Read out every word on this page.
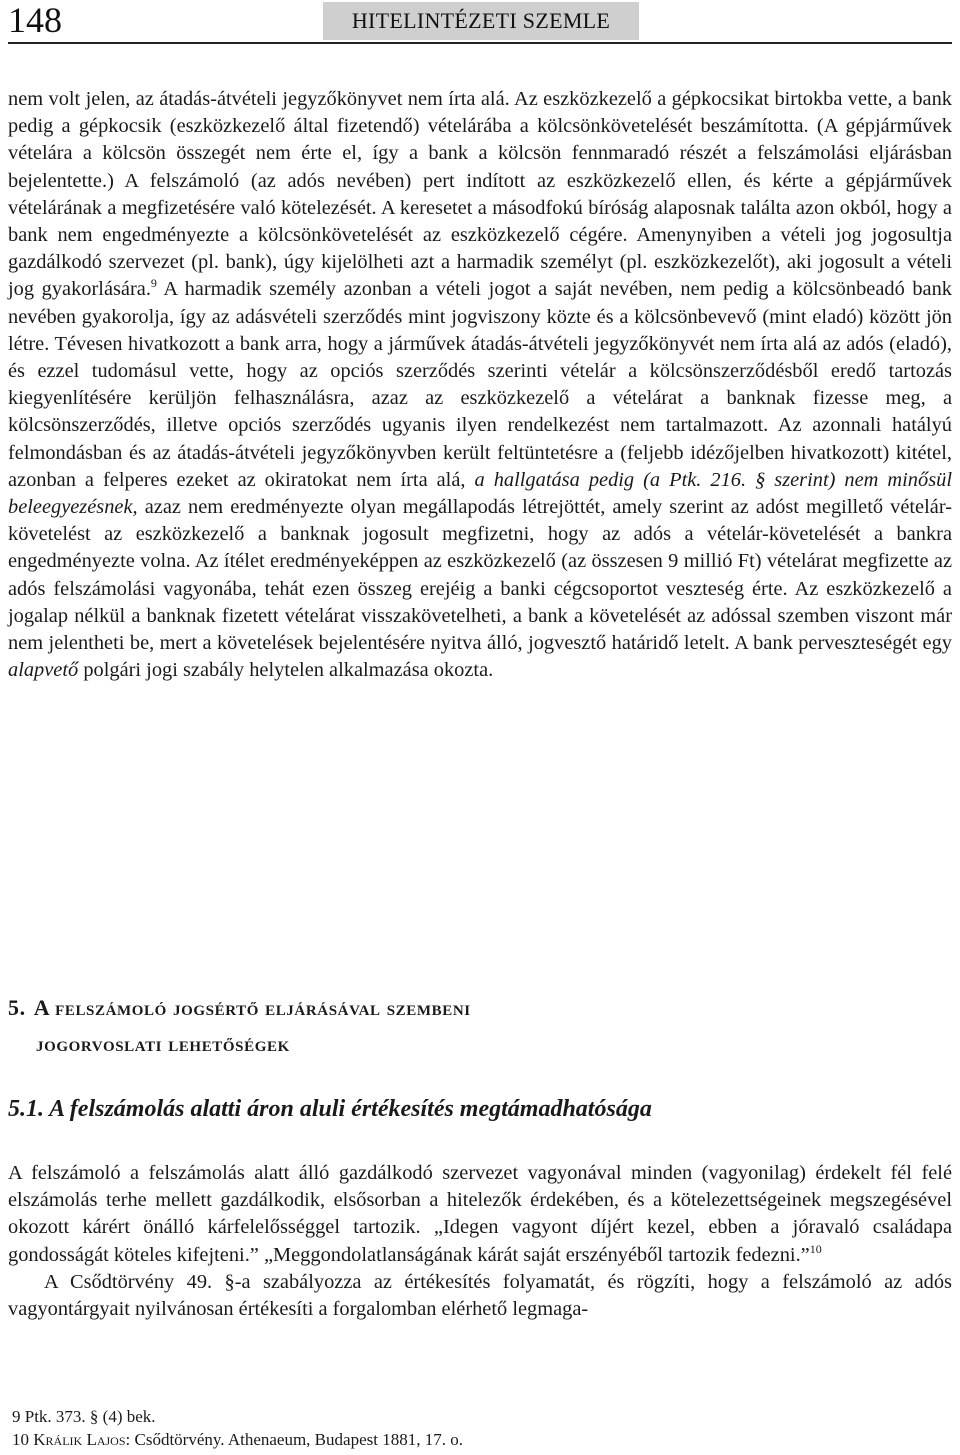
148	HITELINTÉZETI SZEMLE

nem volt jelen, az átadás-átvételi jegyzőkönyvet nem írta alá. Az eszközkezelő a gépkocsikat birtokba vette, a bank pedig a gépkocsik (eszközkezelő által fizetendő) vételárába a kölcsönkövetelését beszámította. (A gépjárművek vételára a kölcsön összegét nem érte el, így a bank a kölcsön fennmaradó részét a felszámolási eljárásban bejelentette.) A felszámoló (az adós nevében) pert indított az eszközkezelő ellen, és kérte a gépjárművek vételárának a megfizetésére való kötelezését. A keresetet a másodfokú bíróság alaposnak találta azon okból, hogy a bank nem engedményezte a kölcsönkövetelését az eszközkezelő cégére. Amenynyiben a vételi jog jogosultja gazdálkodó szervezet (pl. bank), úgy kijelölheti azt a harmadik személyt (pl. eszközkezelőt), aki jogosult a vételi jog gyakorlására.$^9$ A harmadik személy azonban a vételi jogot a saját nevében, nem pedig a kölcsönbeadó bank nevében gyakorolja, így az adásvételi szerződés mint jogviszony közte és a kölcsönbevevő (mint eladó) között jön létre. Tévesen hivatkozott a bank arra, hogy a járművek átadás-átvételi jegyzőkönyvét nem írta alá az adós (eladó), és ezzel tudomásul vette, hogy az opciós szerződés szerinti vételár a kölcsönszerződésből eredő tartozás kiegyenlítésére kerüljön felhasználásra, azaz az eszközkezelő a vételárat a banknak fizesse meg, a kölcsönszerződés, illetve opciós szerződés ugyanis ilyen rendelkezést nem tartalmazott. Az azonnali hatályú felmondásban és az átadás-átvételi jegyzőkönyvben került feltüntetésre a (feljebb idézőjelben hivatkozott) kitétel, azonban a felperes ezeket az okiratokat nem írta alá, a hallgatása pedig (a Ptk. 216. § szerint) nem minősül beleegyezésnek, azaz nem eredményezte olyan megállapodás létrejöttét, amely szerint az adóst megillető vételár-követelést az eszközkezelő a banknak jogosult megfizetni, hogy az adós a vételár-követelését a bankra engedményezte volna. Az ítélet eredményeképpen az eszközkezelő (az összesen 9 millió Ft) vételárat megfizette az adós felszámolási vagyonába, tehát ezen összeg erejéig a banki cégcsoportot veszteség érte. Az eszközkezelő a jogalap nélkül a banknak fizetett vételárat visszakövetelheti, a bank a követelését az adóssal szemben viszont már nem jelentheti be, mert a követelések bejelentésére nyitva álló, jogvesztő határidő letelt. A bank perveszteségét egy alapvető polgári jogi szabály helytelen alkalmazása okozta.

5. A felszámoló jogsértő eljárásával szembeni
jogorvoslati lehetőségek
5.1. A felszámolás alatti áron aluli értékesítés megtámadhatósága

A felszámoló a felszámolás alatt álló gazdálkodó szervezet vagyonával minden (vagyonilag) érdekelt fél felé elszámolás terhe mellett gazdálkodik, elsősorban a hitelezők érdekében, és a kötelezettségeinek megszegésével okozott kárért önálló kárfelelősséggel tartozik. „Idegen vagyont díjért kezel, ebben a jóravaló családapa gondosságát köteles kifejteni.” „Meggondolatlanságának kárát saját erszényéből tartozik fedezni.”$^{10}$

A Csődtörvény 49. §-a szabályozza az értékesítés folyamatát, és rögzíti, hogy a felszámoló az adós vagyontárgyait nyilvánosan értékesíti a forgalomban elérhető legmaga-

9 Ptk. 373. § (4) bek.
10 Králik Lajos: Csődtörvény. Athenaeum, Budapest 1881, 17. o.
